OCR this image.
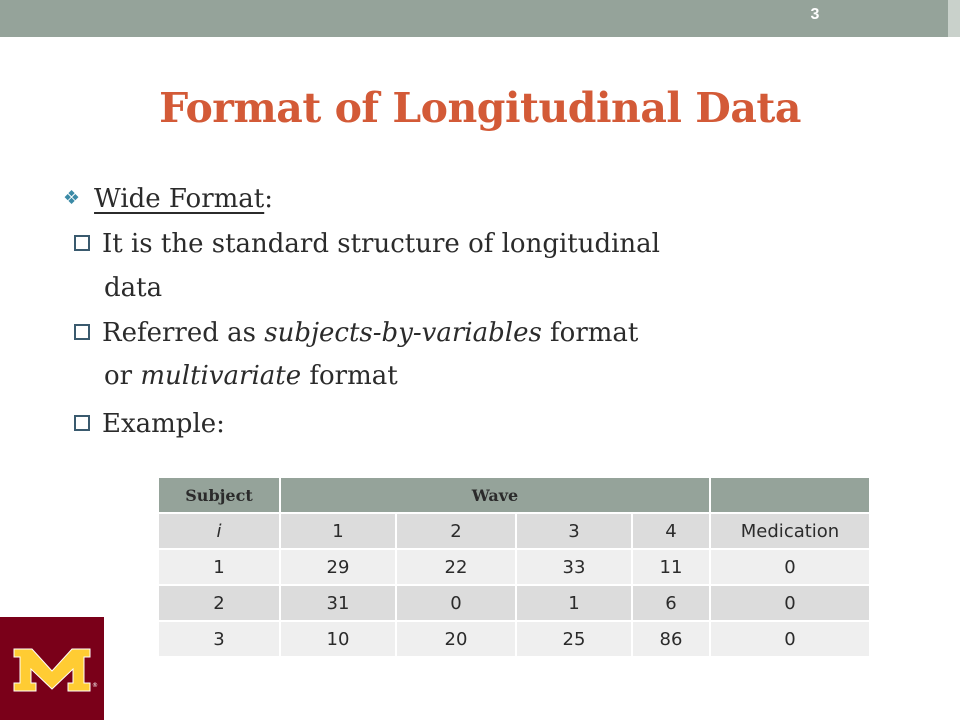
3
Format of Longitudinal Data
❖ Wide Format:
It is the standard structure of longitudinal
data
Referred as subjects-by-variables format
or multivariate format
Example:
Subject	Wave				
i	1	2	3	4	Medication
1	29	22	33	11	0
2	31	0	1	6	0
3	10	20	25	86	0
®
